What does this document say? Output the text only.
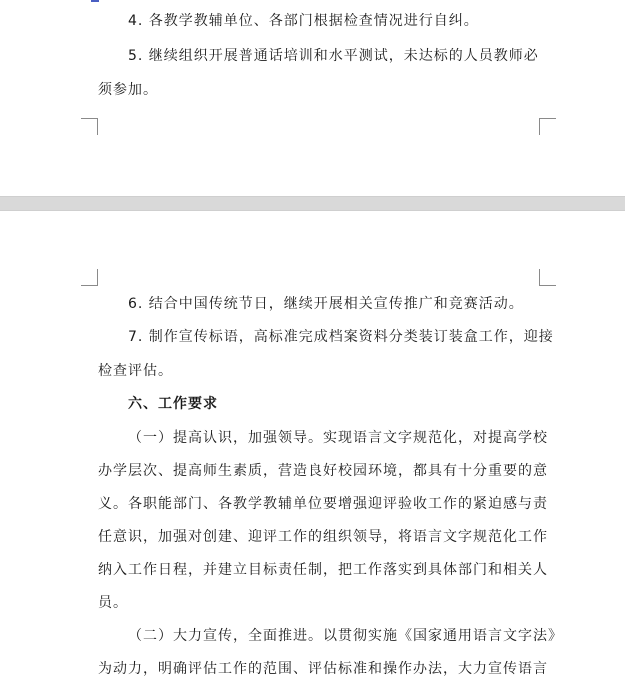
4. 各教学教辅单位、各部门根据检查情况进行自纠。
5. 继续组织开展普通话培训和水平测试，未达标的人员教师必
须参加。
6. 结合中国传统节日，继续开展相关宣传推广和竞赛活动。
7. 制作宣传标语，高标准完成档案资料分类装订装盒工作，迎接
检查评估。
六、工作要求
（一）提高认识，加强领导。实现语言文字规范化，对提高学校
办学层次、提高师生素质，营造良好校园环境，都具有十分重要的意
义。各职能部门、各教学教辅单位要增强迎评验收工作的紧迫感与责
任意识，加强对创建、迎评工作的组织领导，将语言文字规范化工作
纳入工作日程，并建立目标责任制，把工作落实到具体部门和相关人
员。
（二）大力宣传，全面推进。以贯彻实施《国家通用语言文字法》
为动力，明确评估工作的范围、评估标准和操作办法，大力宣传语言
